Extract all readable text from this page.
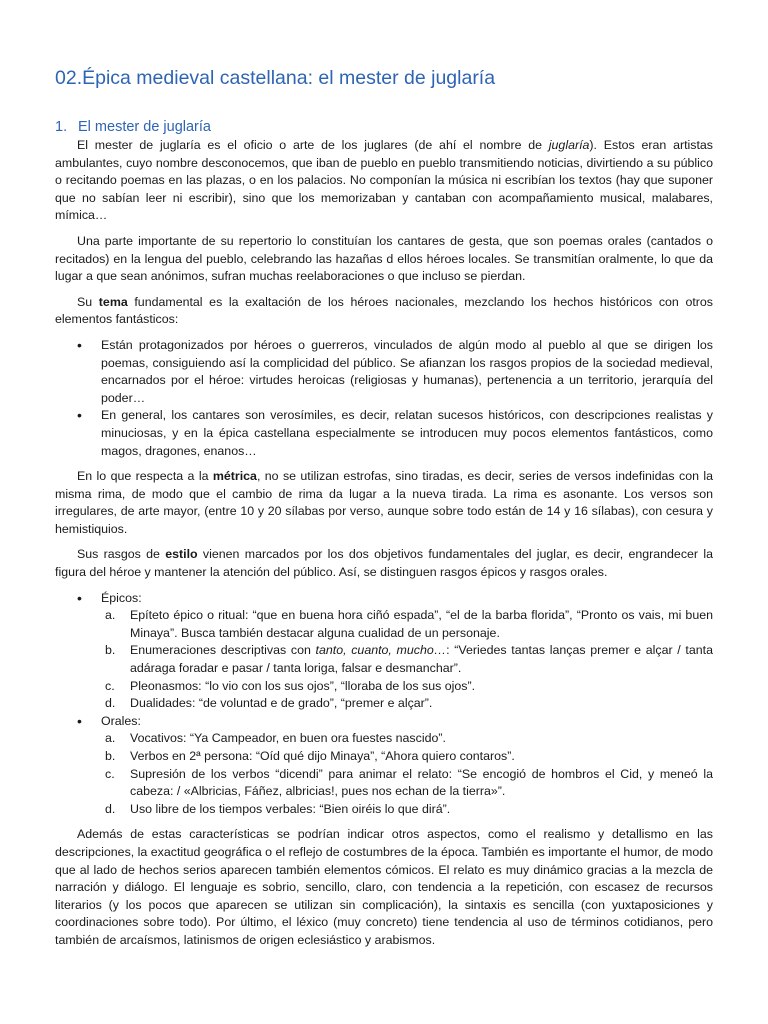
02.Épica medieval castellana: el mester de juglaría
1. El mester de juglaría

El mester de juglaría es el oficio o arte de los juglares (de ahí el nombre de juglaría). Estos eran artistas ambulantes, cuyo nombre desconocemos, que iban de pueblo en pueblo transmitiendo noticias, divirtiendo a su público o recitando poemas en las plazas, o en los palacios. No componían la música ni escribían los textos (hay que suponer que no sabían leer ni escribir), sino que los memorizaban y cantaban con acompañamiento musical, malabares, mímica…

Una parte importante de su repertorio lo constituían los cantares de gesta, que son poemas orales (cantados o recitados) en la lengua del pueblo, celebrando las hazañas d ellos héroes locales. Se transmitían oralmente, lo que da lugar a que sean anónimos, sufran muchas reelaboraciones o que incluso se pierdan.

Su tema fundamental es la exaltación de los héroes nacionales, mezclando los hechos históricos con otros elementos fantásticos:

• Están protagonizados por héroes o guerreros, vinculados de algún modo al pueblo al que se dirigen los poemas, consiguiendo así la complicidad del público. Se afianzan los rasgos propios de la sociedad medieval, encarnados por el héroe: virtudes heroicas (religiosas y humanas), pertenencia a un territorio, jerarquía del poder…
• En general, los cantares son verosímiles, es decir, relatan sucesos históricos, con descripciones realistas y minuciosas, y en la épica castellana especialmente se introducen muy pocos elementos fantásticos, como magos, dragones, enanos…

En lo que respecta a la métrica, no se utilizan estrofas, sino tiradas, es decir, series de versos indefinidas con la misma rima, de modo que el cambio de rima da lugar a la nueva tirada. La rima es asonante. Los versos son irregulares, de arte mayor, (entre 10 y 20 sílabas por verso, aunque sobre todo están de 14 y 16 sílabas), con cesura y hemistiquios.

Sus rasgos de estilo vienen marcados por los dos objetivos fundamentales del juglar, es decir, engrandecer la figura del héroe y mantener la atención del público. Así, se distinguen rasgos épicos y rasgos orales.

• Épicos:
a. Epíteto épico o ritual: “que en buena hora ciñó espada”, “el de la barba florida”, “Pronto os vais, mi buen Minaya”. Busca también destacar alguna cualidad de un personaje.
b. Enumeraciones descriptivas con tanto, cuanto, mucho…: “Veriedes tantas lanças premer e alçar / tanta adáraga foradar e pasar / tanta loriga, falsar e desmanchar”.
c. Pleonasmos: “lo vio con los sus ojos”, “lloraba de los sus ojos”.
d. Dualidades: “de voluntad e de grado”, “premer e alçar”.
• Orales:
a. Vocativos: “Ya Campeador, en buen ora fuestes nascido”.
b. Verbos en 2ª persona: “Oíd qué dijo Minaya”, “Ahora quiero contaros”.
c. Supresión de los verbos “dicendi” para animar el relato: “Se encogió de hombros el Cid, y meneó la cabeza: / «Albricias, Fáñez, albricias!, pues nos echan de la tierra»”.
d. Uso libre de los tiempos verbales: “Bien oiréis lo que dirá”.

Además de estas características se podrían indicar otros aspectos, como el realismo y detallismo en las descripciones, la exactitud geográfica o el reflejo de costumbres de la época. También es importante el humor, de modo que al lado de hechos serios aparecen también elementos cómicos. El relato es muy dinámico gracias a la mezcla de narración y diálogo. El lenguaje es sobrio, sencillo, claro, con tendencia a la repetición, con escasez de recursos literarios (y los pocos que aparecen se utilizan sin complicación), la sintaxis es sencilla (con yuxtaposiciones y coordinaciones sobre todo). Por último, el léxico (muy concreto) tiene tendencia al uso de términos cotidianos, pero también de arcaísmos, latinismos de origen eclesiástico y arabismos.
